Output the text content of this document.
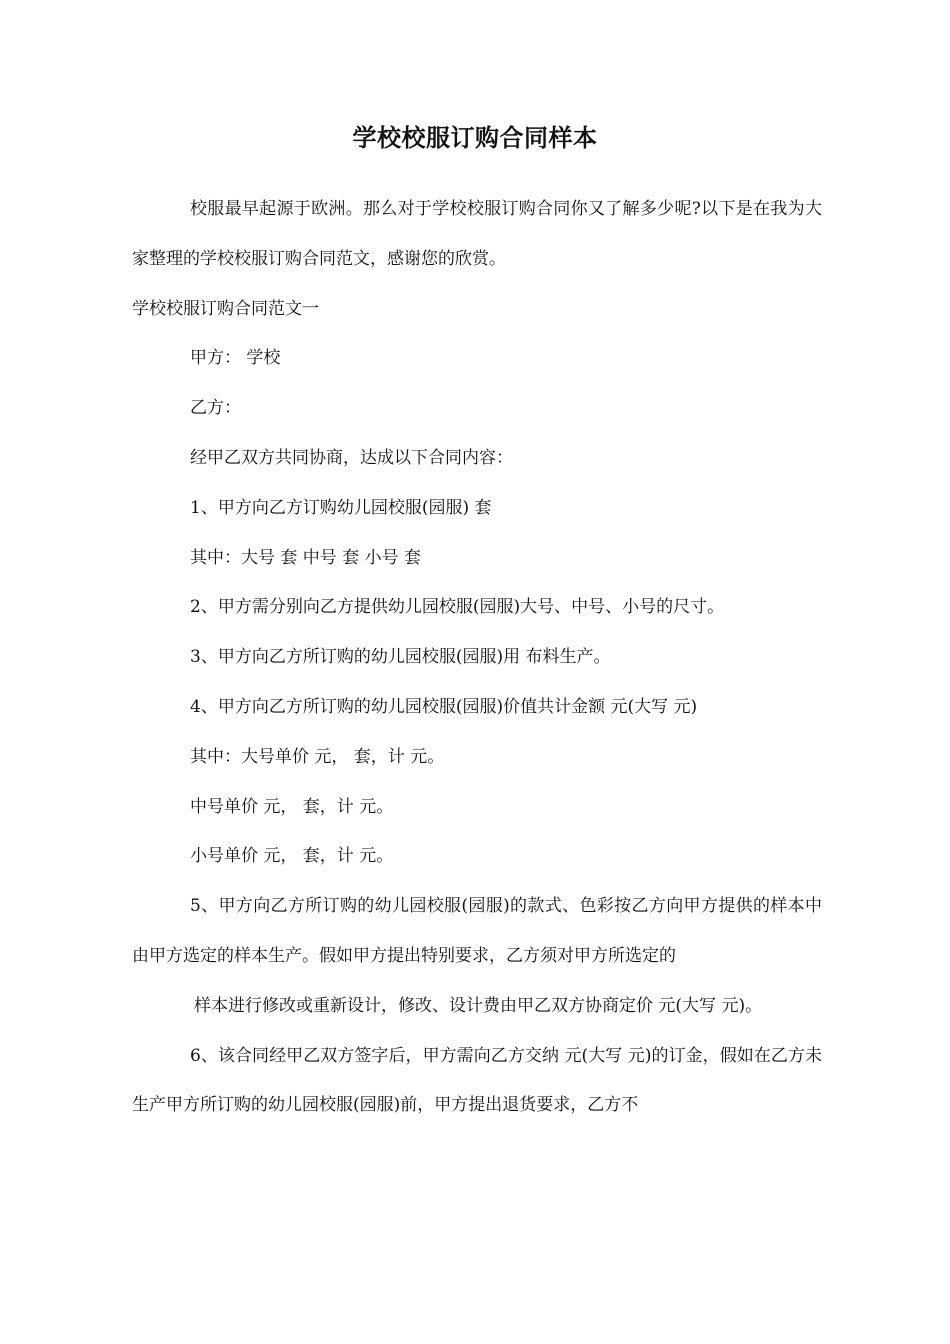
学校校服订购合同样本

校服最早起源于欧洲。那么对于学校校服订购合同你又了解多少呢?以下是在我为大家整理的学校校服订购合同范文，感谢您的欣赏。

学校校服订购合同范文一

甲方： 学校

乙方：

经甲乙双方共同协商，达成以下合同内容：

1、甲方向乙方订购幼儿园校服(园服) 套

其中：大号 套 中号 套 小号 套

2、甲方需分别向乙方提供幼儿园校服(园服)大号、中号、小号的尺寸。

3、甲方向乙方所订购的幼儿园校服(园服)用 布料生产。

4、甲方向乙方所订购的幼儿园校服(园服)价值共计金额 元(大写 元)

其中：大号单价 元， 套，计 元。

中号单价 元， 套，计 元。

小号单价 元， 套，计 元。

5、甲方向乙方所订购的幼儿园校服(园服)的款式、色彩按乙方向甲方提供的样本中由甲方选定的样本生产。假如甲方提出特别要求，乙方须对甲方所选定的

样本进行修改或重新设计，修改、设计费由甲乙双方协商定价 元(大写 元)。

6、该合同经甲乙双方签字后，甲方需向乙方交纳 元(大写 元)的订金，假如在乙方未生产甲方所订购的幼儿园校服(园服)前，甲方提出退货要求，乙方不
